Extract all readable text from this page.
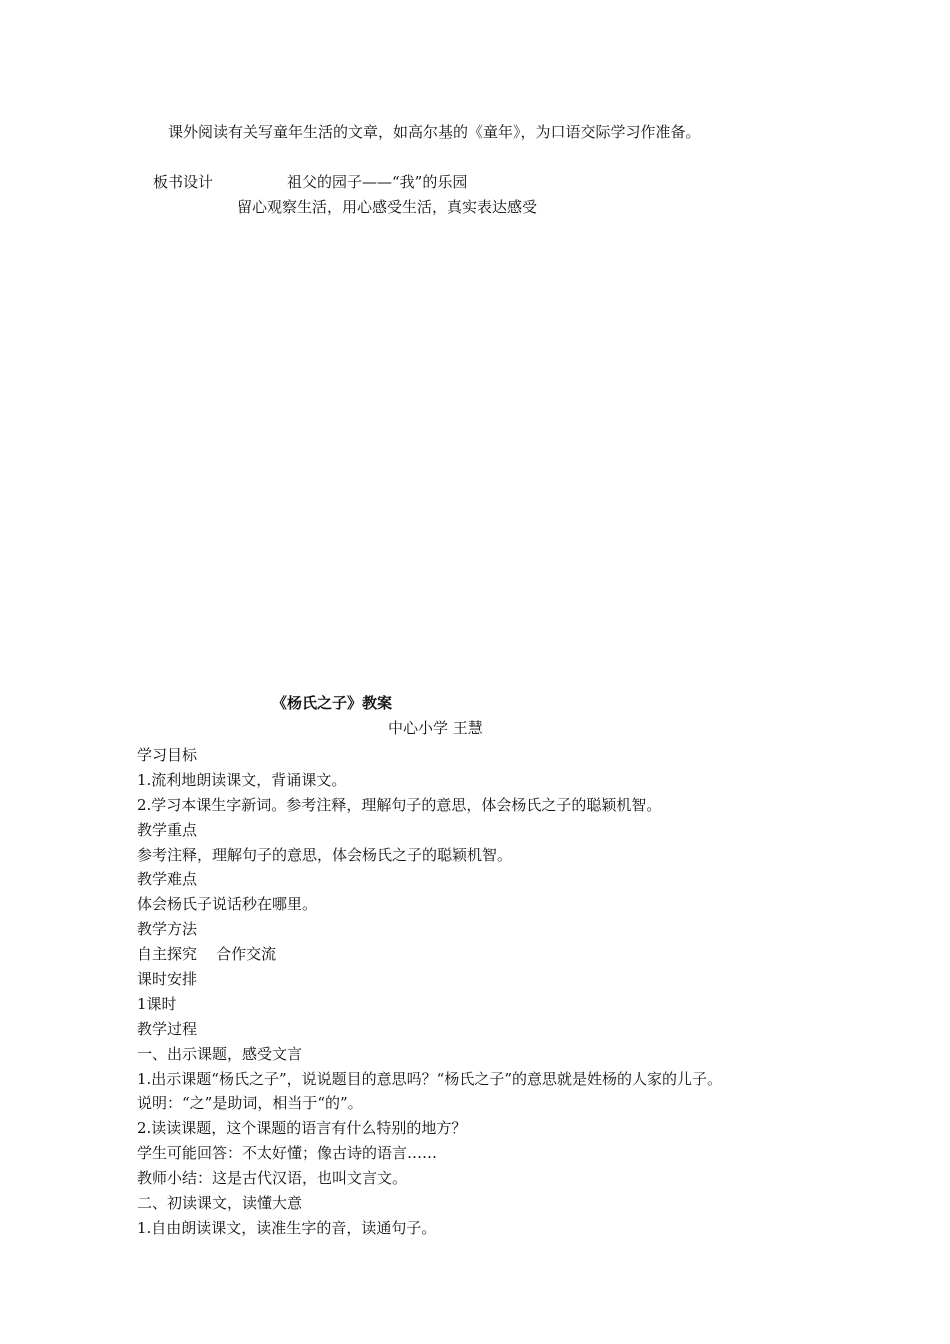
课外阅读有关写童年生活的文章，如高尔基的《童年》，为口语交际学习作准备。
板书设计	祖父的园子——“我”的乐园
留心观察生活，用心感受生活，真实表达感受
《杨氏之子》教案
中心小学 王慧
学习目标
1.流利地朗读课文，背诵课文。
2.学习本课生字新词。参考注释，理解句子的意思，体会杨氏之子的聪颖机智。
教学重点
参考注释，理解句子的意思，体会杨氏之子的聪颖机智。
教学难点
体会杨氏子说话秒在哪里。
教学方法
自主探究    合作交流
课时安排
1课时
教学过程
一、出示课题，感受文言
1.出示课题“杨氏之子”，说说题目的意思吗？“杨氏之子”的意思就是姓杨的人家的儿子。
说明：“之”是助词，相当于“的”。
2.读读课题，这个课题的语言有什么特别的地方？
学生可能回答：不太好懂；像古诗的语言……
教师小结：这是古代汉语，也叫文言文。
二、初读课文，读懂大意
1.自由朗读课文，读准生字的音，读通句子。
